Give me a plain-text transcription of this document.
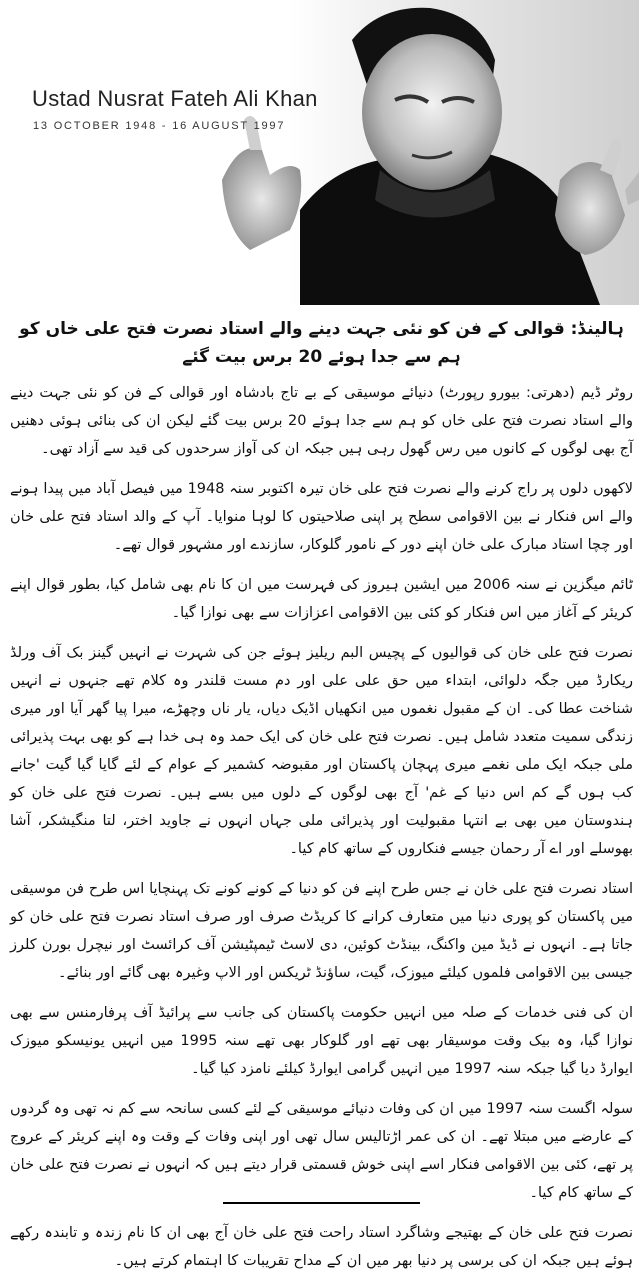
Ustad Nusrat Fateh Ali Khan
13 OCTOBER 1948 - 16 AUGUST 1997
ہالینڈ: قوالی کے فن کو نئی جہت دینے والے استاد نصرت فتح علی خاں کو ہم سے جدا ہوئے 20 برس بیت گئے

روٹر ڈیم (دھرتی: بیورو رپورٹ) دنیائے موسیقی کے بے تاج بادشاہ اور قوالی کے فن کو نئی جہت دینے والے استاد نصرت فتح علی خاں کو ہم سے جدا ہوئے 20 برس بیت گئے لیکن ان کی بنائی ہوئی دھنیں آج بھی لوگوں کے کانوں میں رس گھول رہی ہیں جبکہ ان کی آواز سرحدوں کی قید سے آزاد تھی۔

لاکھوں دلوں پر راج کرنے والے نصرت فتح علی خان تیرہ اکتوبر سنہ 1948 میں فیصل آباد میں پیدا ہونے والے اس فنکار نے بین الاقوامی سطح پر اپنی صلاحیتوں کا لوہا منوایا۔ آپ کے والد استاد فتح علی خان اور چچا استاد مبارک علی خان اپنے دور کے نامور گلوکار، سازندے اور مشہور قوال تھے۔

ٹائم میگزین نے سنہ 2006 میں ایشین ہیروز کی فہرست میں ان کا نام بھی شامل کیا، بطور قوال اپنے کریئر کے آغاز میں اس فنکار کو کئی بین الاقوامی اعزازات سے بھی نوازا گیا۔

نصرت فتح علی خان کی قوالیوں کے پچیس البم ریلیز ہوئے جن کی شہرت نے انہیں گینز بک آف ورلڈ ریکارڈ میں جگہ دلوائی، ابتداء میں حق علی علی اور دم مست قلندر وہ کلام تھے جنہوں نے انہیں شناخت عطا کی۔ ان کے مقبول نغموں میں انکھیاں اڈیک دیاں، یار ناں وچھڑے، میرا پیا گھر آیا اور میری زندگی سمیت متعدد شامل ہیں۔ نصرت فتح علی خان کی ایک حمد وہ ہی خدا ہے کو بھی بہت پذیرائی ملی جبکہ ایک ملی نغمے میری پہچان پاکستان اور مقبوضہ کشمیر کے عوام کے لئے گایا گیا گیت 'جانے کب ہوں گے کم اس دنیا کے غم' آج بھی لوگوں کے دلوں میں بسے ہیں۔ نصرت فتح علی خان کو ہندوستان میں بھی بے انتہا مقبولیت اور پذیرائی ملی جہاں انہوں نے جاوید اختر، لتا منگیشکر، آشا بھوسلے اور اے آر رحمان جیسے فنکاروں کے ساتھ کام کیا۔

استاد نصرت فتح علی خان نے جس طرح اپنے فن کو دنیا کے کونے کونے تک پہنچایا اس طرح فن موسیقی میں پاکستان کو پوری دنیا میں متعارف کرانے کا کریڈٹ صرف اور صرف استاد نصرت فتح علی خان کو جاتا ہے۔ انہوں نے ڈیڈ مین واکنگ، بینڈٹ کوئین، دی لاسٹ ٹیمپٹیشن آف کرائسٹ اور نیچرل بورن کلرز جیسی بین الاقوامی فلموں کیلئے میوزک، گیت، ساؤنڈ ٹریکس اور الاپ وغیرہ بھی گائے اور بنائے۔

ان کی فنی خدمات کے صلہ میں انہیں حکومت پاکستان کی جانب سے پرائیڈ آف پرفارمنس سے بھی نوازا گیا، وہ بیک وقت موسیقار بھی تھے اور گلوکار بھی تھے سنہ 1995 میں انہیں یونیسکو میوزک ایوارڈ دیا گیا جبکہ سنہ 1997 میں انہیں گرامی ایوارڈ کیلئے نامزد کیا گیا۔

سولہ اگست سنہ 1997 میں ان کی وفات دنیائے موسیقی کے لئے کسی سانحہ سے کم نہ تھی وہ گردوں کے عارضے میں مبتلا تھے۔ ان کی عمر اڑتالیس سال تھی اور اپنی وفات کے وقت وہ اپنے کریئر کے عروج پر تھے، کئی بین الاقوامی فنکار اسے اپنی خوش قسمتی قرار دیتے ہیں کہ انہوں نے نصرت فتح علی خان کے ساتھ کام کیا۔

نصرت فتح علی خان کے بھتیجے وشاگرد استاد راحت فتح علی خان آج بھی ان کا نام زندہ و تابندہ رکھے ہوئے ہیں جبکہ ان کی برسی پر دنیا بھر میں ان کے مداح تقریبات کا اہتمام کرتے ہیں۔
